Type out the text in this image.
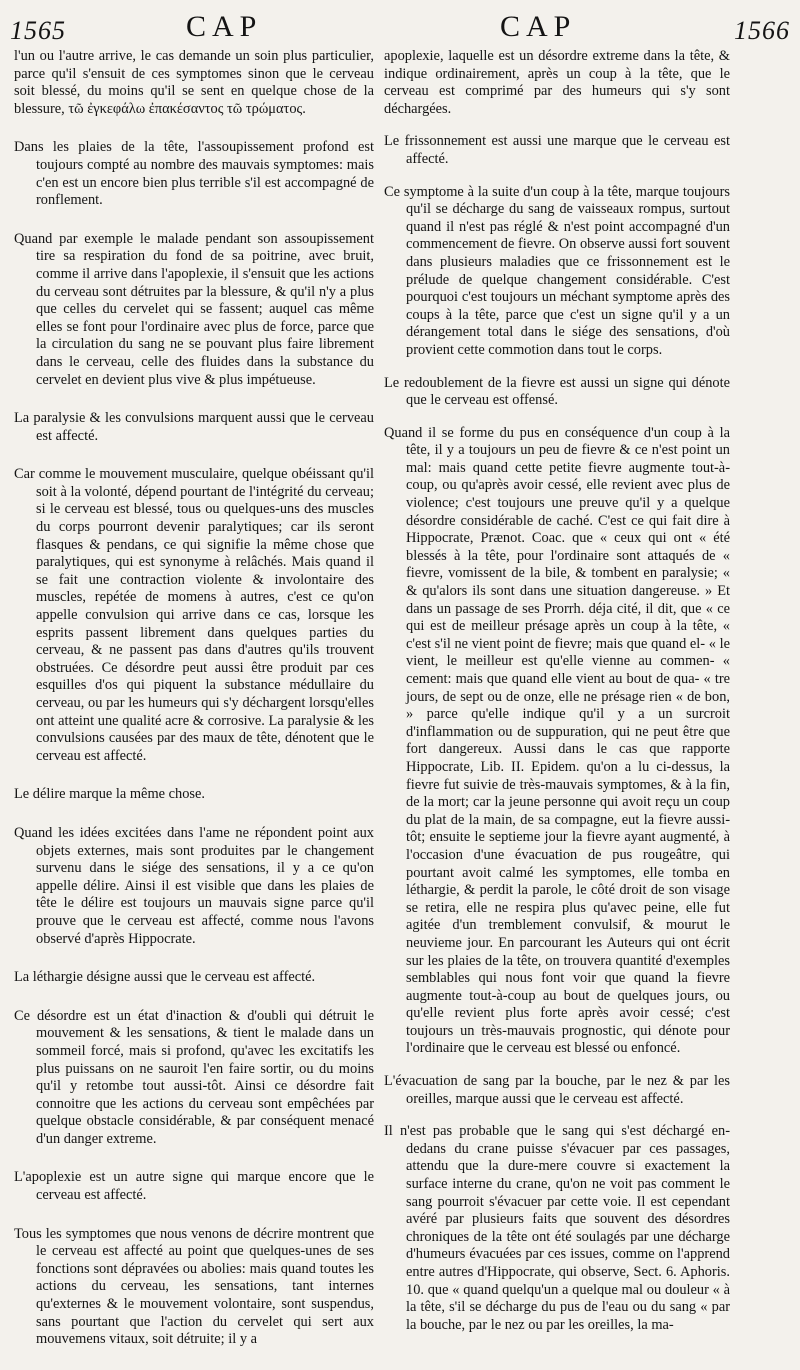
1565	CAP	CAP	1566

l'un ou l'autre arrive, le cas demande un soin plus particulier, parce qu'il s'ensuit de ces symptomes sinon que le cerveau soit blessé, du moins qu'il se sent en quelque chose de la blessure, τῶ ἐγκεφάλω ἐπακέσαντος τῶ τρώματος.

Dans les plaies de la tête, l'assoupissement profond est toujours compté au nombre des mauvais symptomes: mais c'en est un encore bien plus terrible s'il est accompagné de ronflement.

Quand par exemple le malade pendant son assoupissement tire sa respiration du fond de sa poitrine, avec bruit, comme il arrive dans l'apoplexie, il s'ensuit que les actions du cerveau sont détruites par la blessure, & qu'il n'y a plus que celles du cervelet qui se fassent; auquel cas même elles se font pour l'ordinaire avec plus de force, parce que la circulation du sang ne se pouvant plus faire librement dans le cerveau, celle des fluides dans la substance du cervelet en devient plus vive & plus impétueuse.

La paralysie & les convulsions marquent aussi que le cerveau est affecté.

Car comme le mouvement musculaire, quelque obéissant qu'il soit à la volonté, dépend pourtant de l'intégrité du cerveau; si le cerveau est blessé, tous ou quelques-uns des muscles du corps pourront devenir paralytiques; car ils seront flasques & pendans, ce qui signifie la même chose que paralytiques, qui est synonyme à relâchés. Mais quand il se fait une contraction violente & involontaire des muscles, repétée de momens à autres, c'est ce qu'on appelle convulsion qui arrive dans ce cas, lorsque les esprits passent librement dans quelques parties du cerveau, & ne passent pas dans d'autres qu'ils trouvent obstruées. Ce désordre peut aussi être produit par ces esquilles d'os qui piquent la substance médullaire du cerveau, ou par les humeurs qui s'y déchargent lorsqu'elles ont atteint une qualité acre & corrosive. La paralysie & les convulsions causées par des maux de tête, dénotent que le cerveau est affecté.

Le délire marque la même chose.

Quand les idées excitées dans l'ame ne répondent point aux objets externes, mais sont produites par le changement survenu dans le siége des sensations, il y a ce qu'on appelle délire. Ainsi il est visible que dans les plaies de tête le délire est toujours un mauvais signe parce qu'il prouve que le cerveau est affecté, comme nous l'avons observé d'après Hippocrate.

La léthargie désigne aussi que le cerveau est affecté.

Ce désordre est un état d'inaction & d'oubli qui détruit le mouvement & les sensations, & tient le malade dans un sommeil forcé, mais si profond, qu'avec les excitatifs les plus puissans on ne sauroit l'en faire sortir, ou du moins qu'il y retombe tout aussi-tôt. Ainsi ce désordre fait connoitre que les actions du cerveau sont empêchées par quelque obstacle considérable, & par conséquent menacé d'un danger extreme.

L'apoplexie est un autre signe qui marque encore que le cerveau est affecté.

Tous les symptomes que nous venons de décrire montrent que le cerveau est affecté au point que quelques-unes de ses fonctions sont dépravées ou abolies: mais quand toutes les actions du cerveau, les sensations, tant internes qu'externes & le mouvement volontaire, sont suspendus, sans pourtant que l'action du cervelet qui sert aux mouvemens vitaux, soit détruite; il y a

apoplexie, laquelle est un désordre extreme dans la tête, & indique ordinairement, après un coup à la tête, que le cerveau est comprimé par des humeurs qui s'y sont déchargées.

Le frissonnement est aussi une marque que le cerveau est affecté.

Ce symptome à la suite d'un coup à la tête, marque toujours qu'il se décharge du sang de vaisseaux rompus, surtout quand il n'est pas réglé & n'est point accompagné d'un commencement de fievre. On observe aussi fort souvent dans plusieurs maladies que ce frissonnement est le prélude de quelque changement considérable. C'est pourquoi c'est toujours un méchant symptome après des coups à la tête, parce que c'est un signe qu'il y a un dérangement total dans le siége des sensations, d'où provient cette commotion dans tout le corps.

Le redoublement de la fievre est aussi un signe qui dénote que le cerveau est offensé.

Quand il se forme du pus en conséquence d'un coup à la tête, il y a toujours un peu de fievre & ce n'est point un mal: mais quand cette petite fievre augmente tout-à-coup, ou qu'après avoir cessé, elle revient avec plus de violence; c'est toujours une preuve qu'il y a quelque désordre considérable de caché. C'est ce qui fait dire à Hippocrate, Prænot. Coac. que « ceux qui ont « été blessés à la tête, pour l'ordinaire sont attaqués de « fievre, vomissent de la bile, & tombent en paralysie; « & qu'alors ils sont dans une situation dangereuse. » Et dans un passage de ses Prorrh. déja cité, il dit, que « ce qui est de meilleur présage après un coup à la tête, « c'est s'il ne vient point de fievre; mais que quand el- « le vient, le meilleur est qu'elle vienne au commen- « cement: mais que quand elle vient au bout de qua- « tre jours, de sept ou de onze, elle ne présage rien « de bon, » parce qu'elle indique qu'il y a un surcroit d'inflammation ou de suppuration, qui ne peut être que fort dangereux. Aussi dans le cas que rapporte Hippocrate, Lib. II. Epidem. qu'on a lu ci-dessus, la fievre fut suivie de très-mauvais symptomes, & à la fin, de la mort; car la jeune personne qui avoit reçu un coup du plat de la main, de sa compagne, eut la fievre aussi-tôt; ensuite le septieme jour la fievre ayant augmenté, à l'occasion d'une évacuation de pus rougeâtre, qui pourtant avoit calmé les symptomes, elle tomba en léthargie, & perdit la parole, le côté droit de son visage se retira, elle ne respira plus qu'avec peine, elle fut agitée d'un tremblement convulsif, & mourut le neuvieme jour. En parcourant les Auteurs qui ont écrit sur les plaies de la tête, on trouvera quantité d'exemples semblables qui nous font voir que quand la fievre augmente tout-à-coup au bout de quelques jours, ou qu'elle revient plus forte après avoir cessé; c'est toujours un très-mauvais prognostic, qui dénote pour l'ordinaire que le cerveau est blessé ou enfoncé.

L'évacuation de sang par la bouche, par le nez & par les oreilles, marque aussi que le cerveau est affecté.

Il n'est pas probable que le sang qui s'est déchargé en-dedans du crane puisse s'évacuer par ces passages, attendu que la dure-mere couvre si exactement la surface interne du crane, qu'on ne voit pas comment le sang pourroit s'évacuer par cette voie. Il est cependant avéré par plusieurs faits que souvent des désordres chroniques de la tête ont été soulagés par une décharge d'humeurs évacuées par ces issues, comme on l'apprend entre autres d'Hippocrate, qui observe, Sect. 6. Aphoris. 10. que « quand quelqu'un a quelque mal ou douleur « à la tête, s'il se décharge du pus de l'eau ou du sang « par la bouche, par le nez ou par les oreilles, la ma-
